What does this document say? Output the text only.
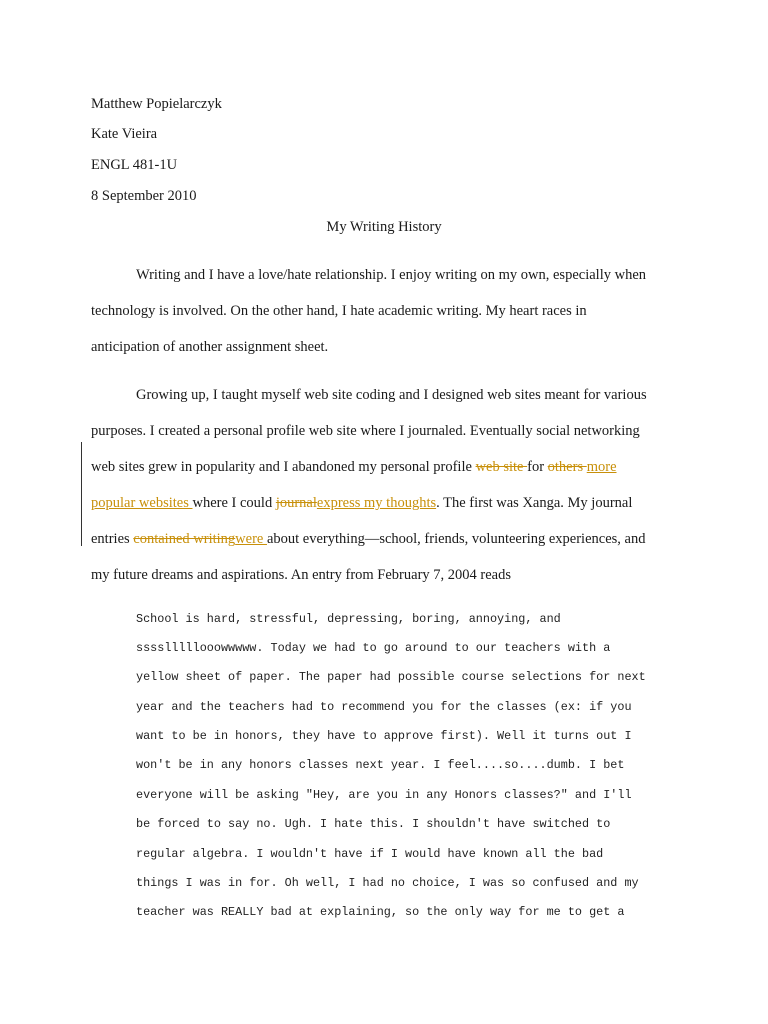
Matthew Popielarczyk
Kate Vieira
ENGL 481-1U
8 September 2010
My Writing History
Writing and I have a love/hate relationship. I enjoy writing on my own, especially when
technology is involved. On the other hand, I hate academic writing. My heart races in
anticipation of another assignment sheet.
Growing up, I taught myself web site coding and I designed web sites meant for various
purposes. I created a personal profile web site where I journaled. Eventually social networking
web sites grew in popularity and I abandoned my personal profile web site for others more
popular websites where I could journalexpress my thoughts. The first was Xanga. My journal
entries contained writingwere about everything—school, friends, volunteering experiences, and
my future dreams and aspirations. An entry from February 7, 2004 reads
School is hard, stressful, depressing, boring, annoying, and
sssslllllooowwwww. Today we had to go around to our teachers with a
yellow sheet of paper. The paper had possible course selections for next
year and the teachers had to recommend you for the classes (ex: if you
want to be in honors, they have to approve first). Well it turns out I
won't be in any honors classes next year. I feel....so....dumb. I bet
everyone will be asking "Hey, are you in any Honors classes?" and I'll
be forced to say no. Ugh. I hate this. I shouldn't have switched to
regular algebra. I wouldn't have if I would have known all the bad
things I was in for. Oh well, I had no choice, I was so confused and my
teacher was REALLY bad at explaining, so the only way for me to get a
